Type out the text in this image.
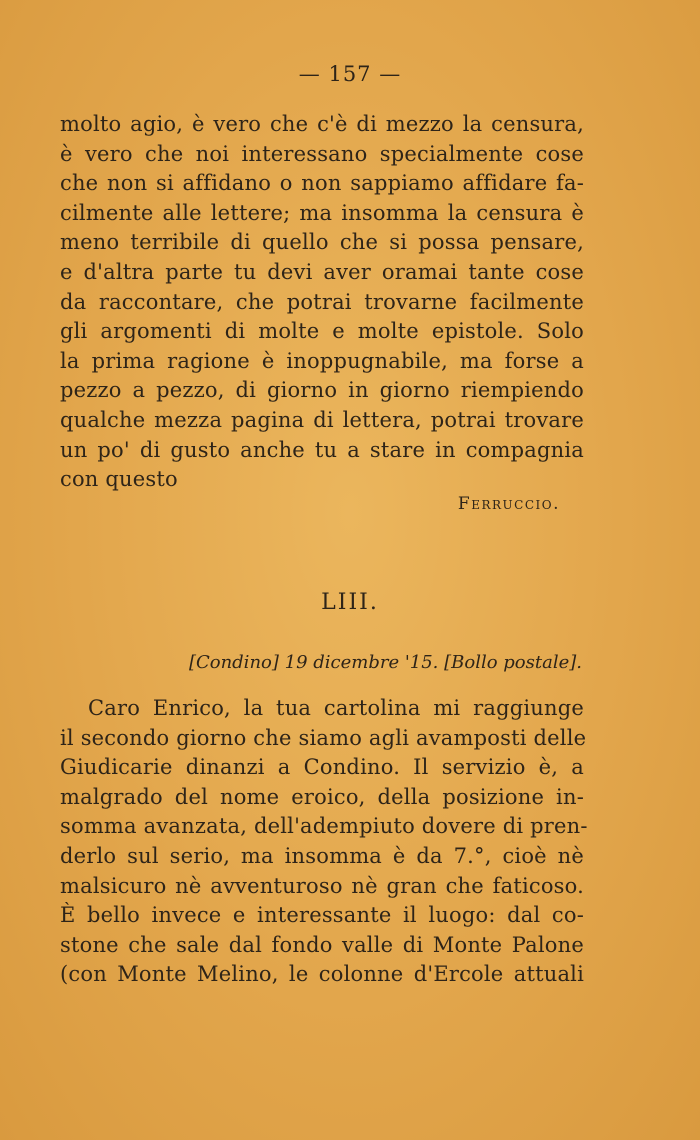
— 157 —
molto agio, è vero che c'è di mezzo la censura,
è vero che noi interessano specialmente cose
che non si affidano o non sappiamo affidare fa-
cilmente alle lettere; ma insomma la censura è
meno terribile di quello che si possa pensare,
e d'altra parte tu devi aver oramai tante cose
da raccontare, che potrai trovarne facilmente
gli argomenti di molte e molte epistole. Solo
la prima ragione è inoppugnabile, ma forse a
pezzo a pezzo, di giorno in giorno riempiendo
qualche mezza pagina di lettera, potrai trovare
un po' di gusto anche tu a stare in compagnia
con questo
Ferruccio.
LIII.
[Condino] 19 dicembre '15. [Bollo postale].
Caro Enrico, la tua cartolina mi raggiunge
il secondo giorno che siamo agli avamposti delle
Giudicarie dinanzi a Condino. Il servizio è, a
malgrado del nome eroico, della posizione in-
somma avanzata, dell'adempiuto dovere di pren-
derlo sul serio, ma insomma è da 7.°, cioè nè
malsicuro nè avventuroso nè gran che faticoso.
È bello invece e interessante il luogo: dal co-
stone che sale dal fondo valle di Monte Palone
(con Monte Melino, le colonne d'Ercole attuali
